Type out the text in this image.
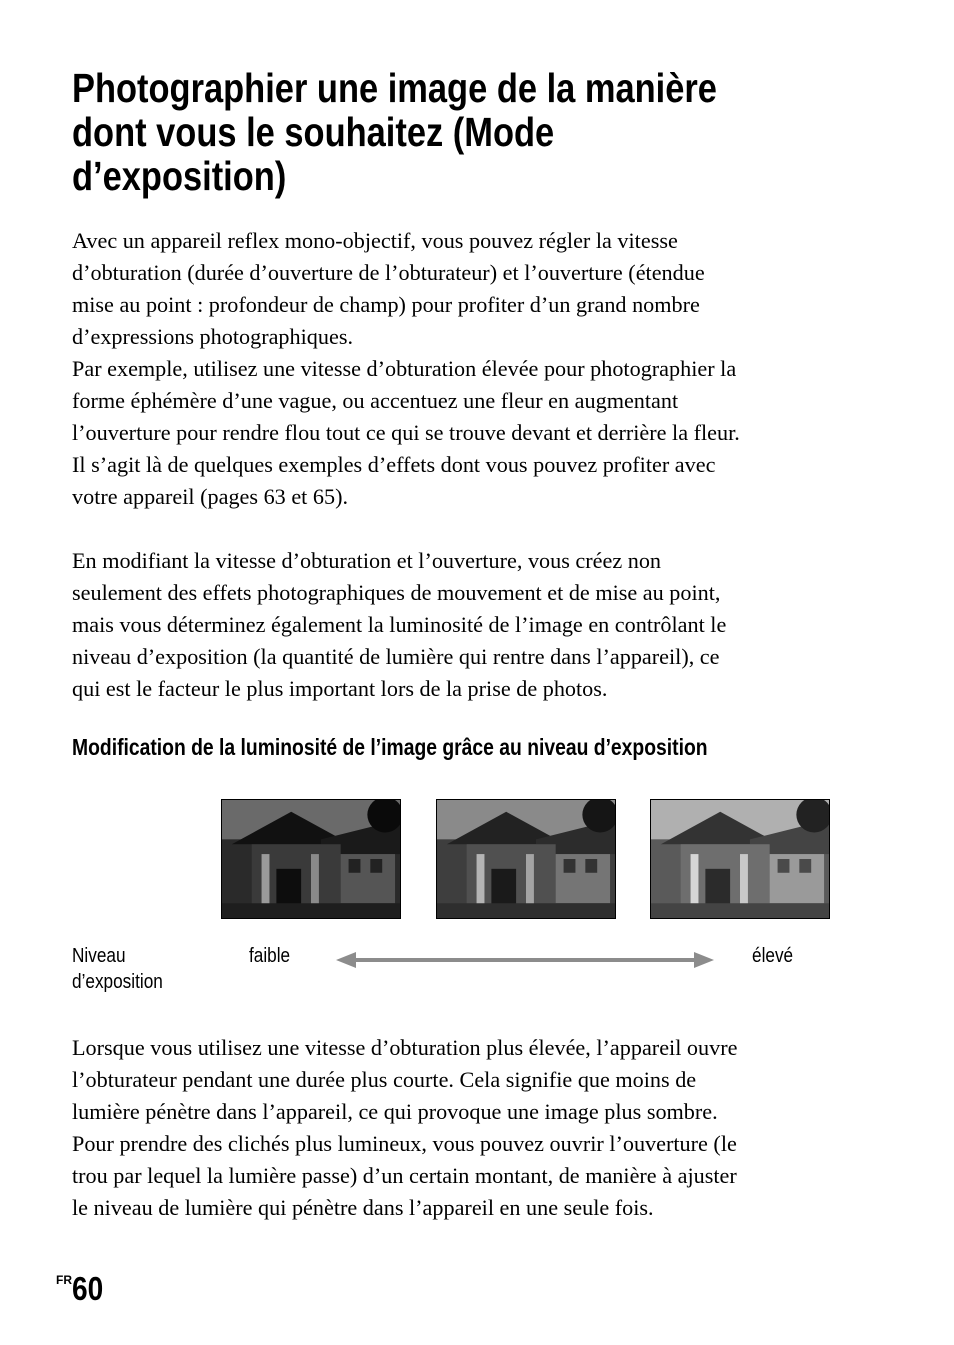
Photographier une image de la manière
dont vous le souhaitez (Mode
d’exposition)

Avec un appareil reflex mono-objectif, vous pouvez régler la vitesse
d’obturation (durée d’ouverture de l’obturateur) et l’ouverture (étendue
mise au point : profondeur de champ) pour profiter d’un grand nombre
d’expressions photographiques.
Par exemple, utilisez une vitesse d’obturation élevée pour photographier la
forme éphémère d’une vague, ou accentuez une fleur en augmentant
l’ouverture pour rendre flou tout ce qui se trouve devant et derrière la fleur.
Il s’agit là de quelques exemples d’effets dont vous pouvez profiter avec
votre appareil (pages 63 et 65).

En modifiant la vitesse d’obturation et l’ouverture, vous créez non
seulement des effets photographiques de mouvement et de mise au point,
mais vous déterminez également la luminosité de l’image en contrôlant le
niveau d’exposition (la quantité de lumière qui rentre dans l’appareil), ce
qui est le facteur le plus important lors de la prise de photos.

Modification de la luminosité de l’image grâce au niveau d’exposition
Niveau
d’exposition
faible	élevé

Lorsque vous utilisez une vitesse d’obturation plus élevée, l’appareil ouvre
l’obturateur pendant une durée plus courte. Cela signifie que moins de
lumière pénètre dans l’appareil, ce qui provoque une image plus sombre.
Pour prendre des clichés plus lumineux, vous pouvez ouvrir l’ouverture (le
trou par lequel la lumière passe) d’un certain montant, de manière à ajuster
le niveau de lumière qui pénètre dans l’appareil en une seule fois.

$^{FR}$60
